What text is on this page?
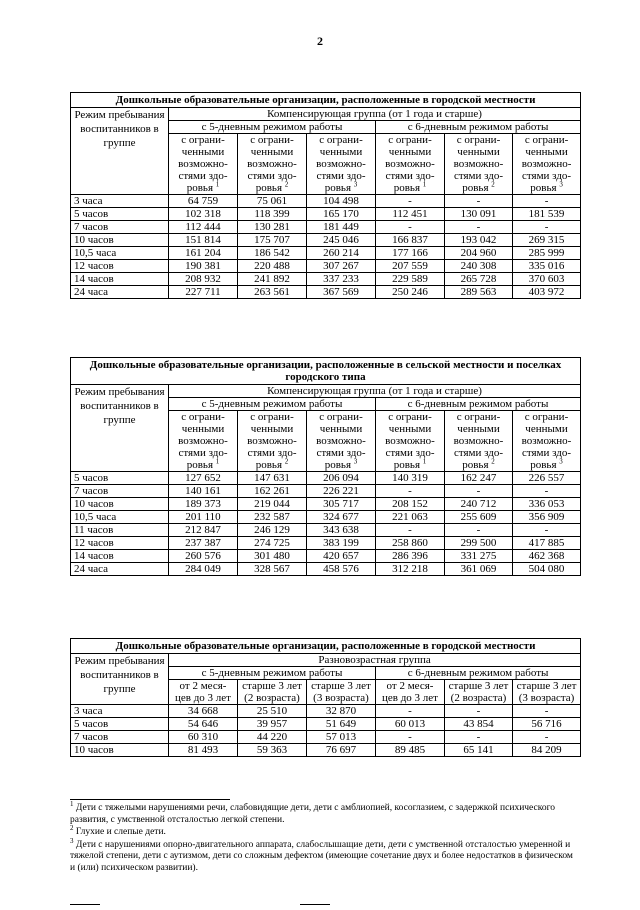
2
Дошкольные образовательные организации, расположенные в городской местности						
Режим пребывания воспитанников в группе	Компенсирующая группа (от 1 года и старше)					
	с 5-дневным режимом работы			с 6-дневным режимом работы		
	с ограни-ченными возможно-стями здо-ровья $^1$	с ограни-ченными возможно-стями здо-ровья $^2$	с ограни-ченными возможно-стями здо-ровья $^3$	с ограни-ченными возможно-стями здо-ровья $^1$	с ограни-ченными возможно-стями здо-ровья $^2$	с ограни-ченными возможно-стями здо-ровья $^3$
3 часа	64 759	75 061	104 498	-	-	-
5 часов	102 318	118 399	165 170	112 451	130 091	181 539
7 часов	112 444	130 281	181 449	-	-	-
10 часов	151 814	175 707	245 046	166 837	193 042	269 315
10,5 часа	161 204	186 542	260 214	177 166	204 960	285 999
12 часов	190 381	220 488	307 267	207 559	240 308	335 016
14 часов	208 932	241 892	337 233	229 589	265 728	370 603
24 часа	227 711	263 561	367 569	250 246	289 563	403 972
Дошкольные образовательные организации, расположенные в сельской местности и поселках городского типа						
Режим пребывания воспитанников в группе	Компенсирующая группа (от 1 года и старше)					
	с 5-дневным режимом работы			с 6-дневным режимом работы		
	с ограни-ченными возможно-стями здо-ровья $^1$	с ограни-ченными возможно-стями здо-ровья $^2$	с ограни-ченными возможно-стями здо-ровья $^3$	с ограни-ченными возможно-стями здо-ровья $^1$	с ограни-ченными возможно-стями здо-ровья $^2$	с ограни-ченными возможно-стями здо-ровья $^3$
5 часов	127 652	147 631	206 094	140 319	162 247	226 557
7 часов	140 161	162 261	226 221	-	-	-
10 часов	189 373	219 044	305 717	208 152	240 712	336 053
10,5 часа	201 110	232 587	324 677	221 063	255 609	356 909
11 часов	212 847	246 129	343 638	-	-	-
12 часов	237 387	274 725	383 199	258 860	299 500	417 885
14 часов	260 576	301 480	420 657	286 396	331 275	462 368
24 часа	284 049	328 567	458 576	312 218	361 069	504 080
Дошкольные образовательные организации, расположенные в городской местности						
Режим пребывания воспитанников в группе	Разновозрастная группа					
	с 5-дневным режимом работы			с 6-дневным режимом работы		
	от 2 меся-цев до 3 лет	старше 3 лет (2 возраста)	старше 3 лет (3 возраста)	от 2 меся-цев до 3 лет	старше 3 лет (2 возраста)	старше 3 лет (3 возраста)
3 часа	34 668	25 510	32 870	-	-	-
5 часов	54 646	39 957	51 649	60 013	43 854	56 716
7 часов	60 310	44 220	57 013	-	-	-
10 часов	81 493	59 363	76 697	89 485	65 141	84 209

$^1$ Дети с тяжелыми нарушениями речи, слабовидящие дети, дети с амблиопией, косоглазием, с задержкой психического развития, с умственной отсталостью легкой степени.

$^2$ Глухие и слепые дети.

$^3$ Дети с нарушениями опорно-двигательного аппарата, слабослышащие дети, дети с умственной отсталостью умеренной и тяжелой степени, дети с аутизмом, дети со сложным дефектом (имеющие сочетание двух и более недостатков в физическом и (или) психическом развитии).
